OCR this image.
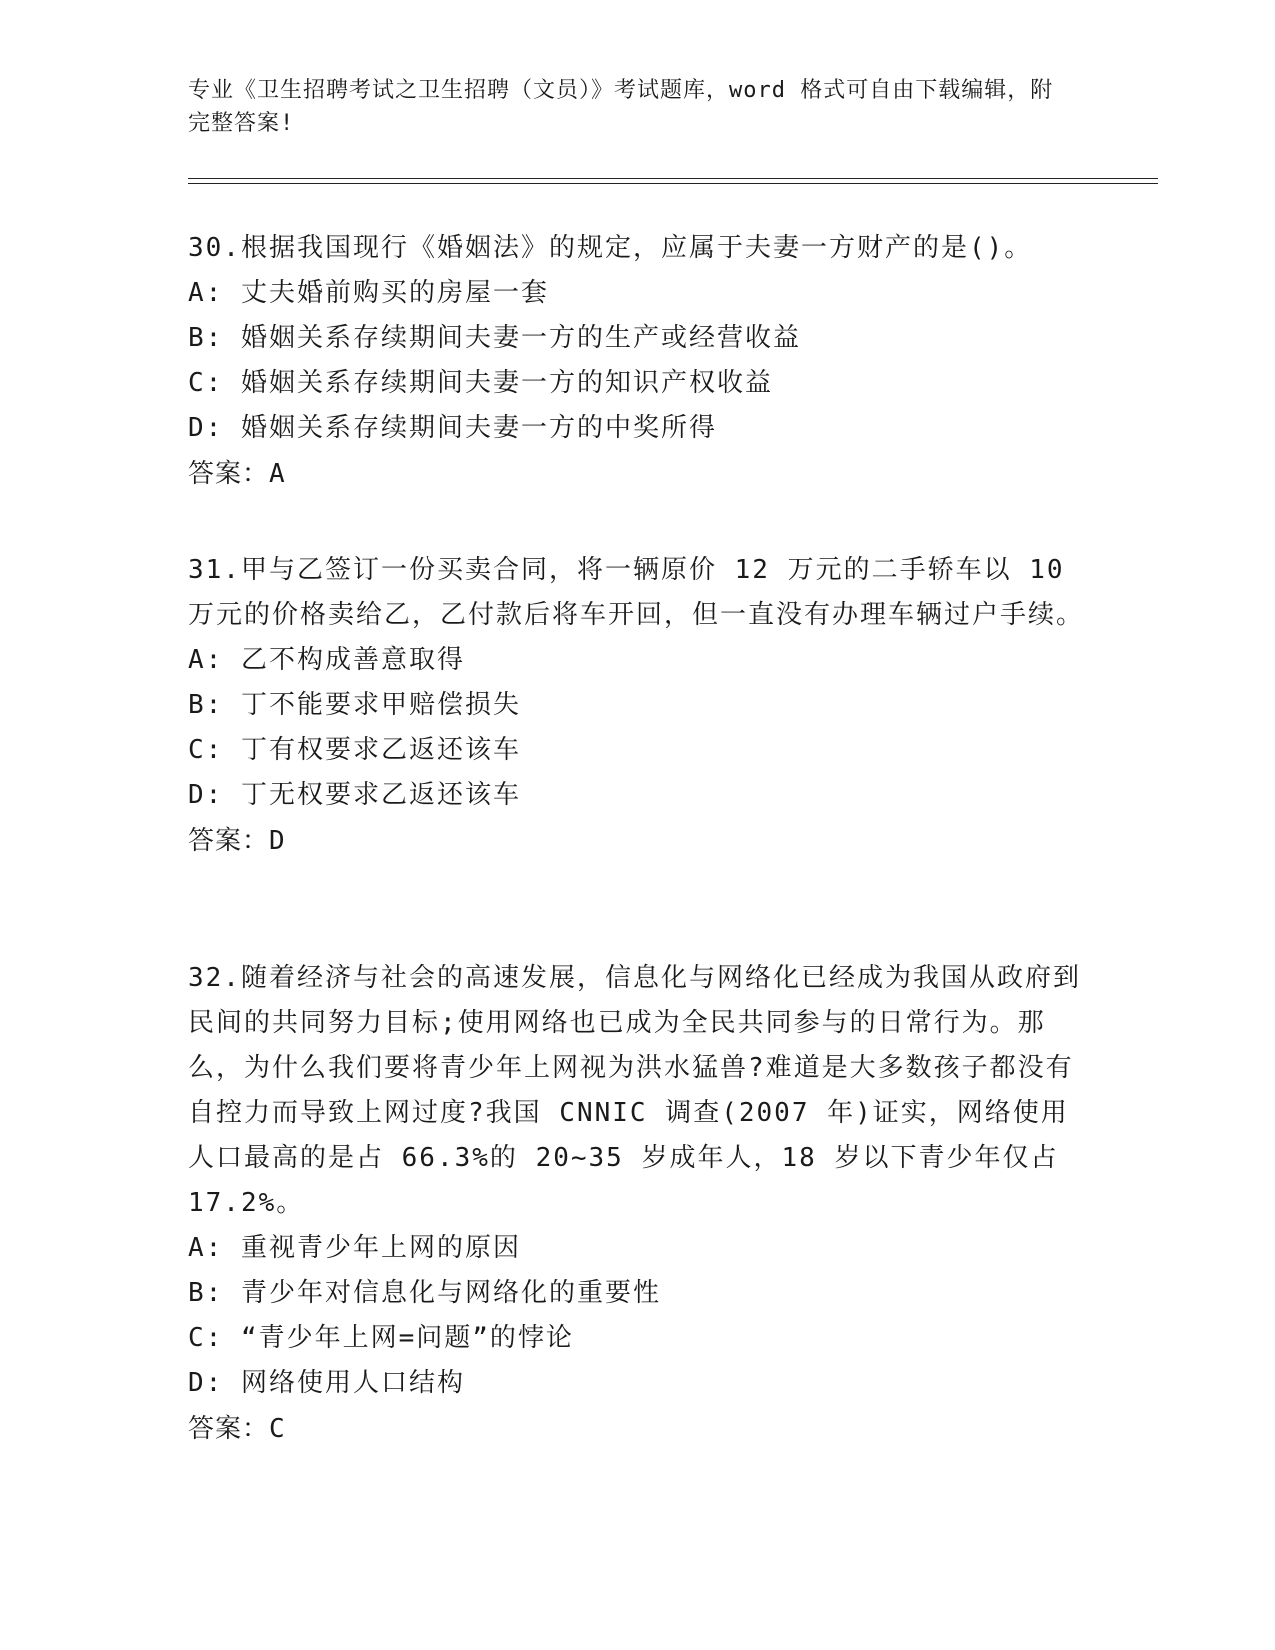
专业《卫生招聘考试之卫生招聘（文员）》考试题库，word 格式可自由下载编辑，附完整答案!

30.根据我国现行《婚姻法》的规定，应属于夫妻一方财产的是()。

A: 丈夫婚前购买的房屋一套

B: 婚姻关系存续期间夫妻一方的生产或经营收益

C: 婚姻关系存续期间夫妻一方的知识产权收益

D: 婚姻关系存续期间夫妻一方的中奖所得

答案：A

31.甲与乙签订一份买卖合同，将一辆原价 12 万元的二手轿车以 10 万元的价格卖给乙，乙付款后将车开回，但一直没有办理车辆过户手续。

A: 乙不构成善意取得

B: 丁不能要求甲赔偿损失

C: 丁有权要求乙返还该车

D: 丁无权要求乙返还该车

答案：D

32.随着经济与社会的高速发展，信息化与网络化已经成为我国从政府到民间的共同努力目标;使用网络也已成为全民共同参与的日常行为。那么，为什么我们要将青少年上网视为洪水猛兽?难道是大多数孩子都没有自控力而导致上网过度?我国 CNNIC 调查(2007 年)证实，网络使用人口最高的是占 66.3%的 20~35 岁成年人，18 岁以下青少年仅占 17.2%。

A: 重视青少年上网的原因

B: 青少年对信息化与网络化的重要性

C: “青少年上网=问题”的悖论

D: 网络使用人口结构

答案：C
